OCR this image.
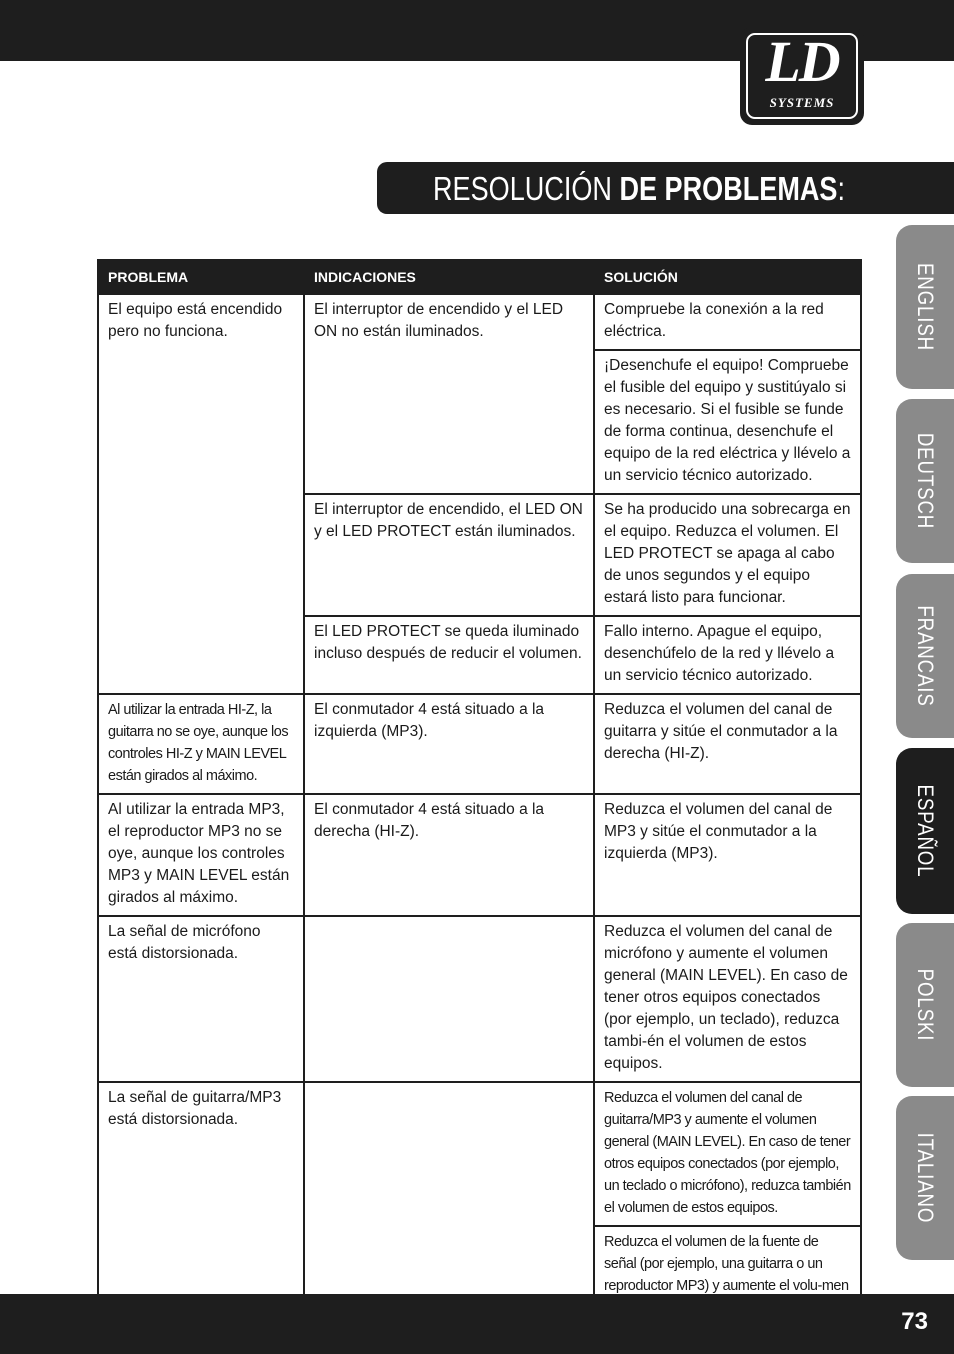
LD
SYSTEMS
RESOLUCIÓN DE PROBLEMAS:
ENGLISH
DEUTSCH
FRANCAIS
ESPAÑOL
POLSKI
ITALIANO
PROBLEMA	INDICACIONES	SOLUCIÓN
El equipo está encendido pero no funciona.	El interruptor de encendido y el LED ON no están iluminados.	Compruebe la conexión a la red eléctrica.
		¡Desenchufe el equipo! Compruebe el fusible del equipo y sustitúyalo si es necesario. Si el fusible se funde de forma continua, desenchufe el equipo de la red eléctrica y llévelo a un servicio técnico autorizado.
	El interruptor de encendido, el LED ON y el LED PROTECT están iluminados.	Se ha producido una sobrecarga en el equipo. Reduzca el volumen. El LED PROTECT se apaga al cabo de unos segundos y el equipo estará listo para funcionar.
	El LED PROTECT se queda iluminado incluso después de reducir el volumen.	Fallo interno. Apague el equipo, desenchúfelo de la red y llévelo a un servicio técnico autorizado.
Al utilizar la entrada HI-Z, la guitarra no se oye, aunque los controles HI-Z y MAIN LEVEL están girados al máximo.	El conmutador 4 está situado a la izquierda (MP3).	Reduzca el volumen del canal de guitarra y sitúe el conmutador a la derecha (HI-Z).
Al utilizar la entrada MP3, el reproductor MP3 no se oye, aunque los controles MP3 y MAIN LEVEL están girados al máximo.	El conmutador 4 está situado a la derecha (HI-Z).	Reduzca el volumen del canal de MP3 y sitúe el conmutador a la izquierda (MP3).
La señal de micrófono está distorsionada.		Reduzca el volumen del canal de micrófono y aumente el volumen general (MAIN LEVEL). En caso de tener otros equipos conectados (por ejemplo, un teclado), reduzca tambi-én el volumen de estos equipos.
La señal de guitarra/MP3 está distorsionada.		Reduzca el volumen del canal de guitarra/MP3 y aumente el volumen general (MAIN LEVEL). En caso de tener otros equipos conectados (por ejemplo, un teclado o micrófono), reduzca también el volumen de estos equipos.
		Reduzca el volumen de la fuente de señal (por ejemplo, una guitarra o un reproductor MP3) y aumente el volu-men
73
